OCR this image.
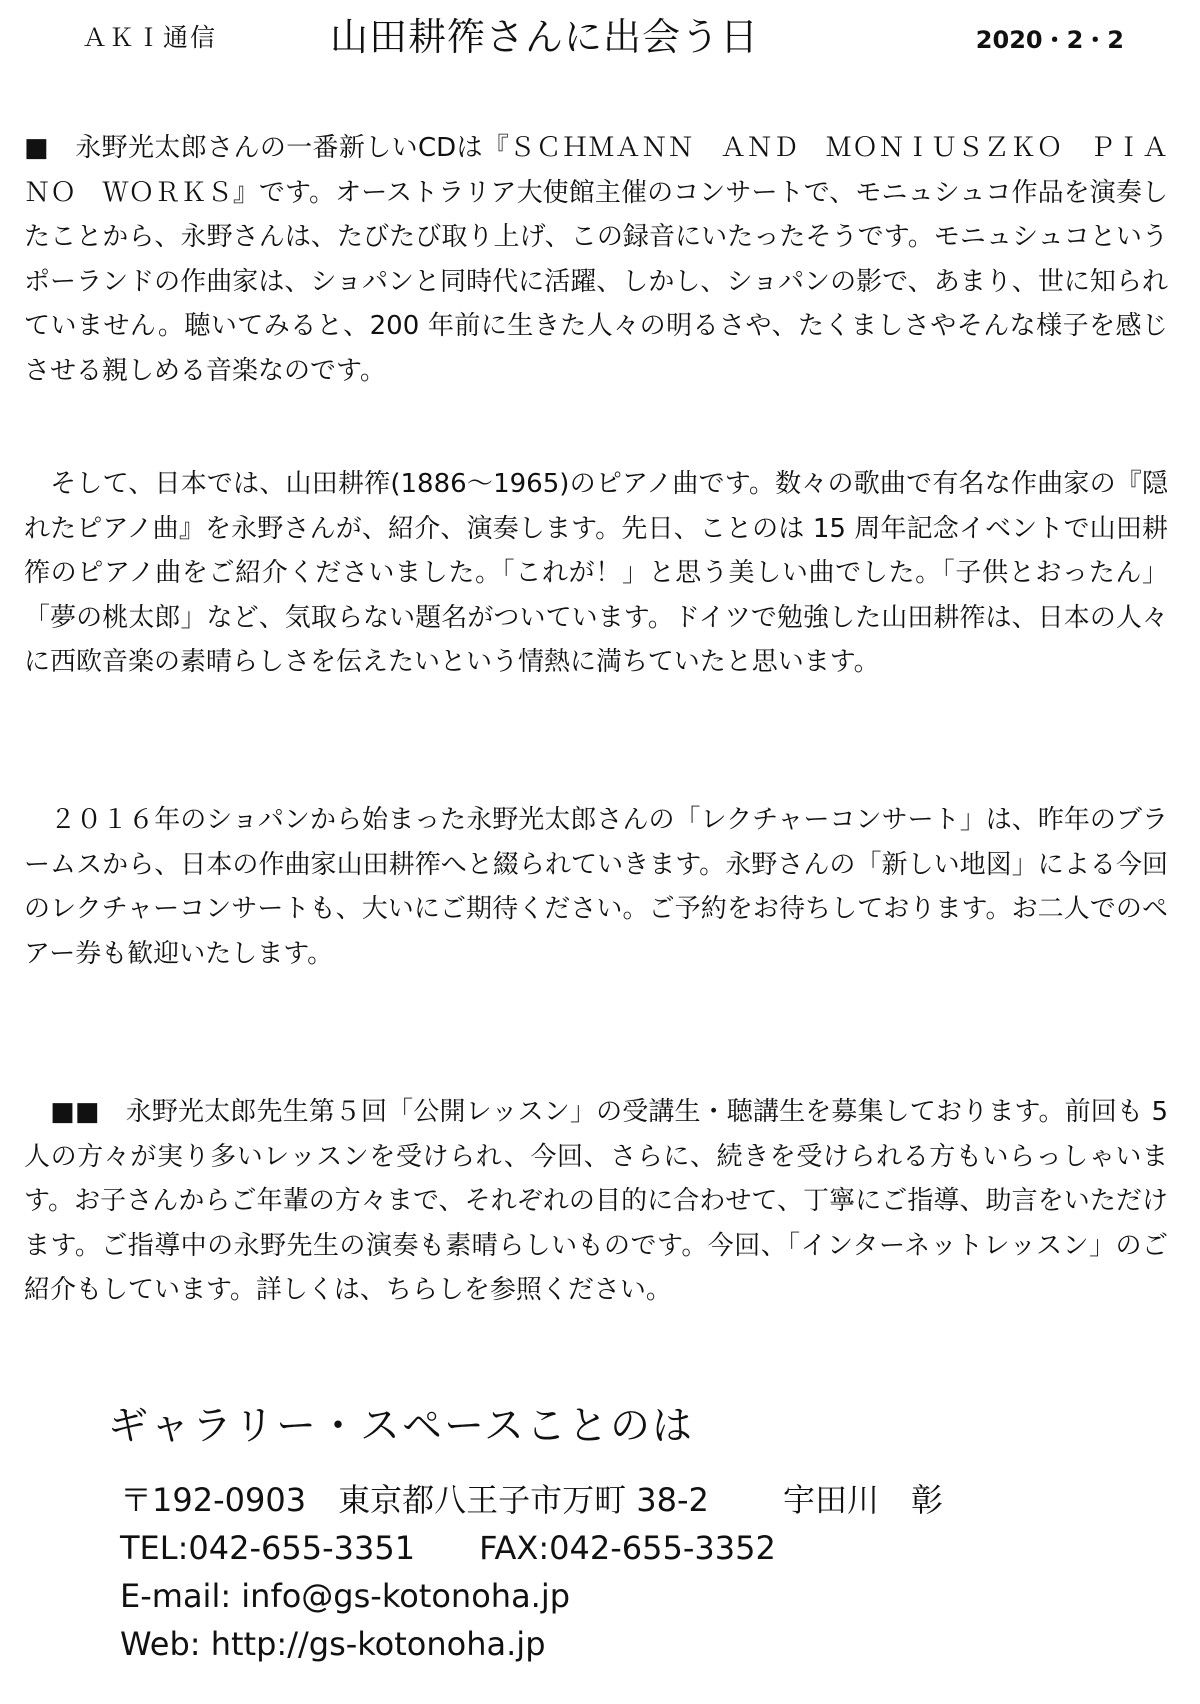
ＡＫＩ通信	山田耕筰さんに出会う日	2020・2・2

■　永野光太郎さんの一番新しいCDは『ＳＣＨＭＡＮＮ　ＡＮＤ　ＭＯＮＩＵＳＺＫＯ　ＰＩＡＮＯ　ＷＯＲＫＳ』です。オーストラリア大使館主催のコンサートで、モニュシュコ作品を演奏したことから、永野さんは、たびたび取り上げ、この録音にいたったそうです。モニュシュコというポーランドの作曲家は、ショパンと同時代に活躍、しかし、ショパンの影で、あまり、世に知られていません。聴いてみると、200 年前に生きた人々の明るさや、たくましさやそんな様子を感じさせる親しめる音楽なのです。

　そして、日本では、山田耕筰(1886〜1965)のピアノ曲です。数々の歌曲で有名な作曲家の『隠れたピアノ曲』を永野さんが、紹介、演奏します。先日、ことのは 15 周年記念イベントで山田耕筰のピアノ曲をご紹介くださいました。「これが！」と思う美しい曲でした。「子供とおったん」「夢の桃太郎」など、気取らない題名がついています。ドイツで勉強した山田耕筰は、日本の人々に西欧音楽の素晴らしさを伝えたいという情熱に満ちていたと思います。

　２０１６年のショパンから始まった永野光太郎さんの「レクチャーコンサート」は、昨年のブラームスから、日本の作曲家山田耕筰へと綴られていきます。永野さんの「新しい地図」による今回のレクチャーコンサートも、大いにご期待ください。ご予約をお待ちしております。お二人でのペアー券も歓迎いたします。

　■■　永野光太郎先生第５回「公開レッスン」の受講生・聴講生を募集しております。前回も 5 人の方々が実り多いレッスンを受けられ、今回、さらに、続きを受けられる方もいらっしゃいます。お子さんからご年輩の方々まで、それぞれの目的に合わせて、丁寧にご指導、助言をいただけます。ご指導中の永野先生の演奏も素晴らしいものです。今回、「インターネットレッスン」のご紹介もしています。詳しくは、ちらしを参照ください。

ギャラリー・スペースことのは
〒192-0903　東京都八王子市万町 38-2　　 宇田川　彰
TEL:042-655-3351　　FAX:042-655-3352
E-mail: info@gs-kotonoha.jp
Web: http://gs-kotonoha.jp
